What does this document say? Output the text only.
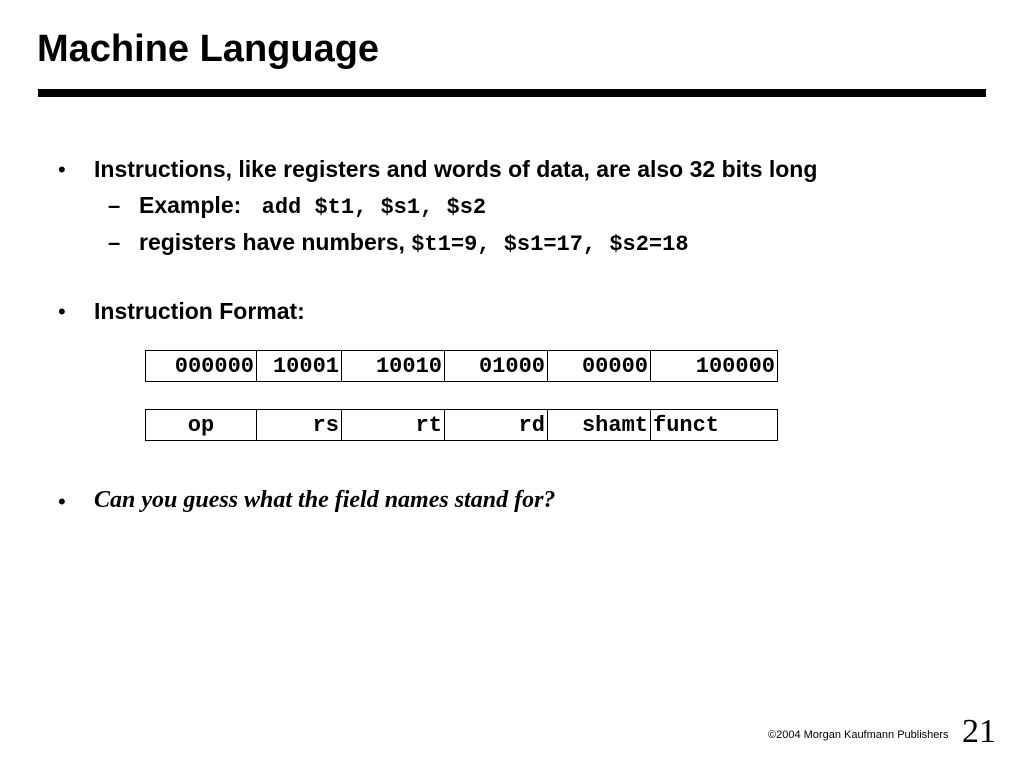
Machine Language
• Instructions, like registers and words of data, are also 32 bits long
– Example: add $t1, $s1, $s2
– registers have numbers, $t1=9, $s1=17, $s2=18
• Instruction Format:
000000	10001	10010	01000	00000	100000
op	rs	rt	rd	shamt	funct
• Can you guess what the field names stand for?
©2004 Morgan Kaufmann Publishers 21
